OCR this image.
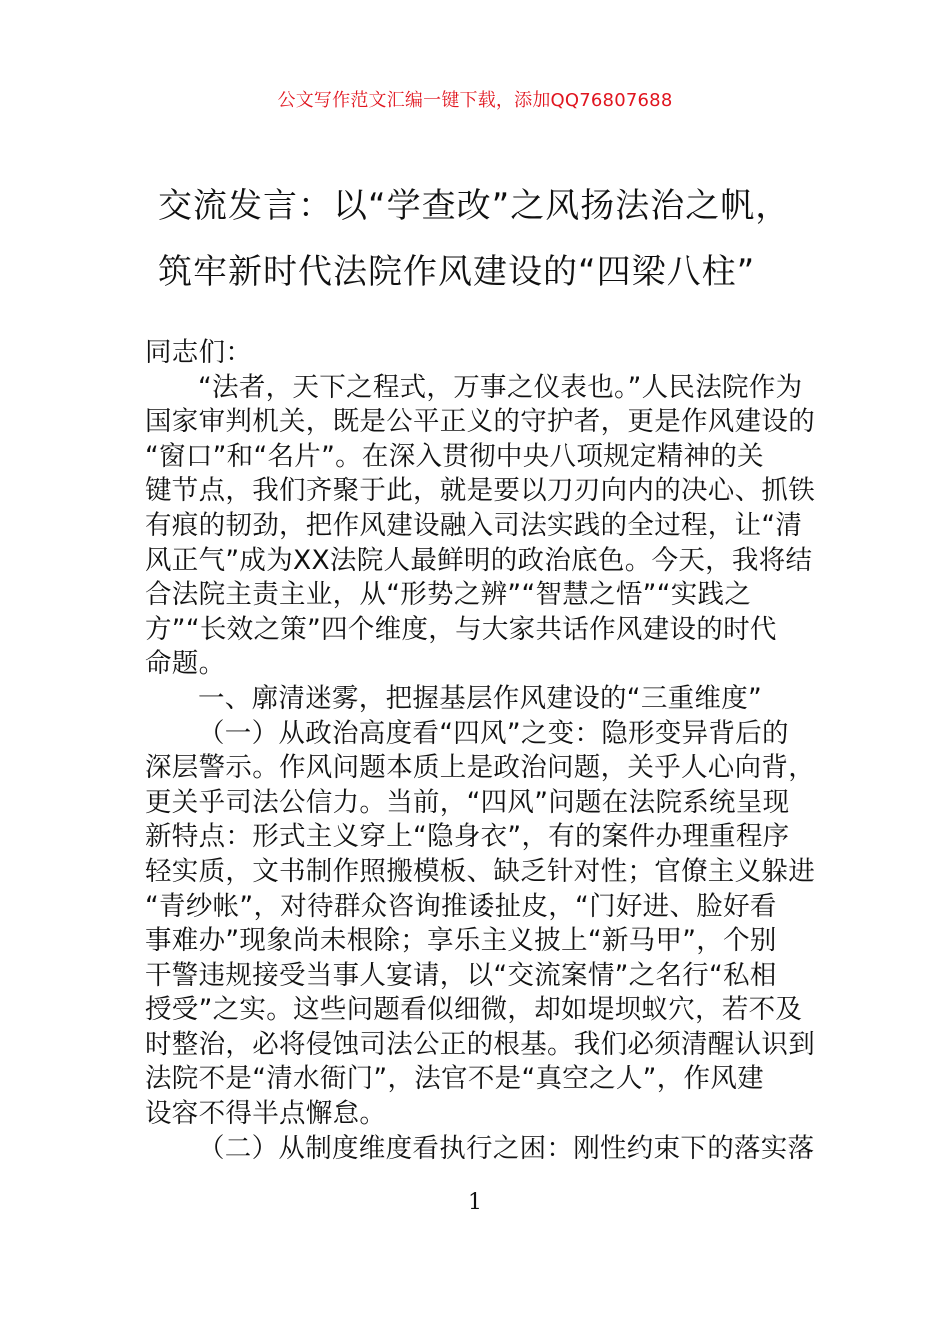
公文写作范文汇编一键下载，添加QQ76807688
交流发言：以“学查改”之风扬法治之帆，
筑牢新时代法院作风建设的“四梁八柱”
同志们：
“法者，天下之程式，万事之仪表也。”人民法院作为
国家审判机关，既是公平正义的守护者，更是作风建设的
“窗口”和“名片”。在深入贯彻中央八项规定精神的关
键节点，我们齐聚于此，就是要以刀刃向内的决心、抓铁
有痕的韧劲，把作风建设融入司法实践的全过程，让“清
风正气”成为XX法院人最鲜明的政治底色。今天，我将结
合法院主责主业，从“形势之辨”“智慧之悟”“实践之
方”“长效之策”四个维度，与大家共话作风建设的时代
命题。
一、廓清迷雾，把握基层作风建设的“三重维度”
（一）从政治高度看“四风”之变：隐形变异背后的
深层警示。作风问题本质上是政治问题，关乎人心向背，
更关乎司法公信力。当前，“四风”问题在法院系统呈现
新特点：形式主义穿上“隐身衣”，有的案件办理重程序
轻实质，文书制作照搬模板、缺乏针对性；官僚主义躲进
“青纱帐”，对待群众咨询推诿扯皮，“门好进、脸好看
事难办”现象尚未根除；享乐主义披上“新马甲”，个别
干警违规接受当事人宴请，以“交流案情”之名行“私相
授受”之实。这些问题看似细微，却如堤坝蚁穴，若不及
时整治，必将侵蚀司法公正的根基。我们必须清醒认识到
法院不是“清水衙门”，法官不是“真空之人”，作风建
设容不得半点懈怠。
（二）从制度维度看执行之困：刚性约束下的落实落
1
